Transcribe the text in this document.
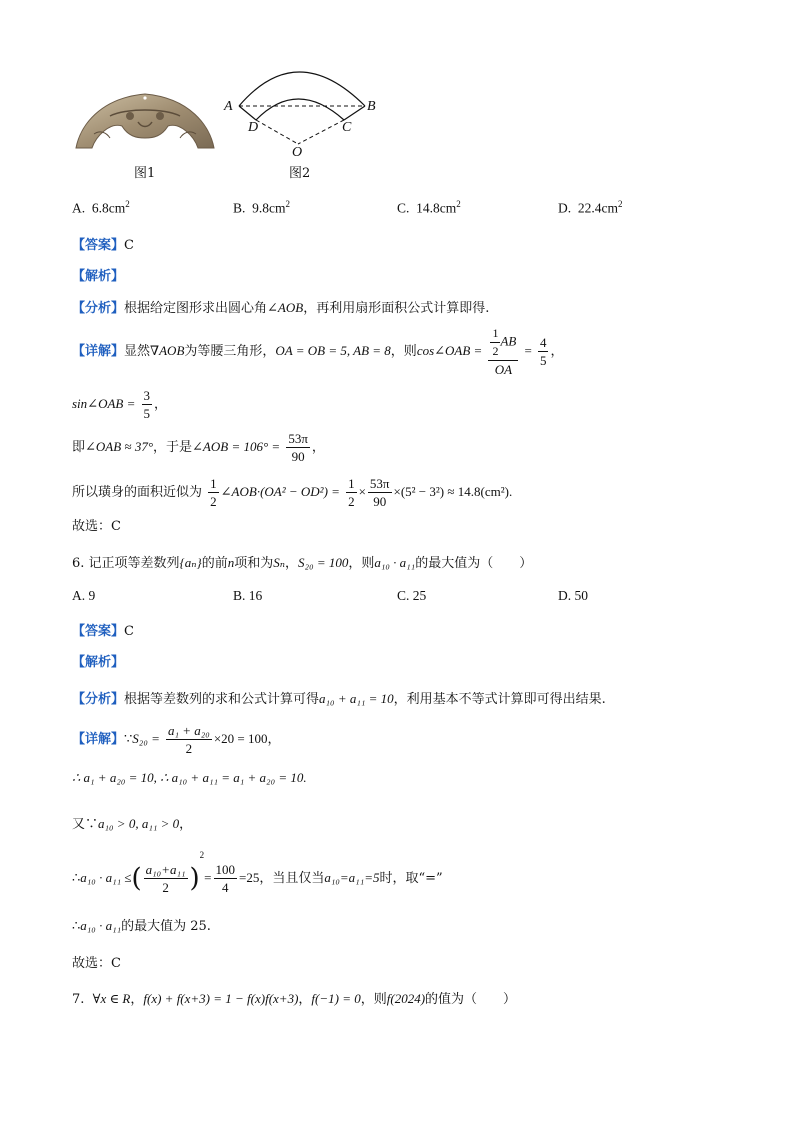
图1
A	B
D	C
O
图2
A. $6.8cm^2$	B. $9.8cm^2$	C. $14.8cm^2$	D. $22.4cm^2$
【答案】C
【解析】
【分析】根据给定图形求出圆心角∠AOB，再利用扇形面积公式计算即得.
【详解】显然∇AOB为等腰三角形，OA = OB = 5, AB = 8，则cos∠OAB = $\frac{\frac{1}{2} AB}{OA} = \frac{4}{5}$ ，
sin∠OAB = $\frac{3}{5}$ ，
即∠OAB ≈ 37°，于是∠AOB = $106^\circ = \frac{53\pi}{90}$ ，
所以璜身的面积近似为 $\frac{1}{2}$ ∠AOB·(OA² − $OD^2) = \frac{1}{2} \times \frac{53\pi}{90} \times(5^2 - 3^2) \approx 14.8(cm^2)$.
故选：C
6. 记正项等差数列{aₙ}的前n项和为Sₙ，S₂₀ = 100，则a₁₀ · a₁₁的最大值为（　　）
A. 9	B. 16	C. 25	D. 50
【答案】C
【解析】
【分析】根据等差数列的求和公式计算可得a₁₀ + a₁₁ = 10，利用基本不等式计算即可得出结果.
【详解】∵S₂₀ = $\frac{\text{a₁ + a₂₀}}{2} \times 20 = 100$，
∴ a₁ + a₂₀ = 10, ∴ a₁₀ + a₁₁ = a₁ + a₂₀ = 10.
又∵a₁₀ > 0, a₁₁ > 0，
∴a₁₀ · a₁₁ ≤( $\frac{\text{a₁₀+a₁₁}}{2} )^2= \frac{100}{4} =25$，当且仅当a₁₀=a₁₁=5时，取“=”
∴a₁₀ · a₁₁的最大值为 25.
故选：C
7. ∀x ∈ R，f(x) + f(x+3) = 1 − f(x)f(x+3)，f(−1) = 0，则f(2024)的值为（　　）
